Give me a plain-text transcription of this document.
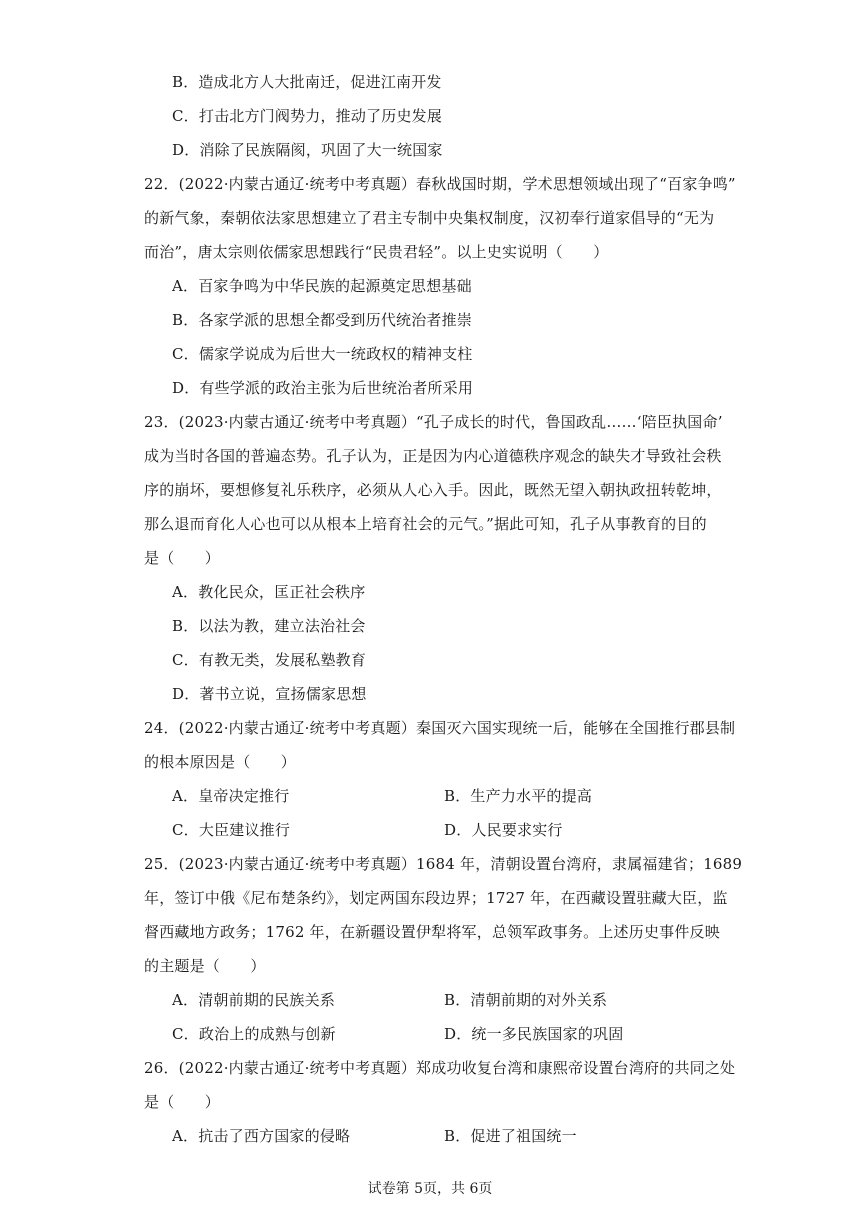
B．造成北方人大批南迁，促进江南开发
C．打击北方门阀势力，推动了历史发展
D．消除了民族隔阂，巩固了大一统国家
22．(2022·内蒙古通辽·统考中考真题）春秋战国时期，学术思想领域出现了“百家争鸣”
的新气象，秦朝依法家思想建立了君主专制中央集权制度，汉初奉行道家倡导的“无为
而治”，唐太宗则依儒家思想践行“民贵君轻”。以上史实说明（　　）
A．百家争鸣为中华民族的起源奠定思想基础
B．各家学派的思想全都受到历代统治者推崇
C．儒家学说成为后世大一统政权的精神支柱
D．有些学派的政治主张为后世统治者所采用
23．(2023·内蒙古通辽·统考中考真题）“孔子成长的时代，鲁国政乱……‘陪臣执国命’
成为当时各国的普遍态势。孔子认为，正是因为内心道德秩序观念的缺失才导致社会秩
序的崩坏，要想修复礼乐秩序，必须从人心入手。因此，既然无望入朝执政扭转乾坤，
那么退而育化人心也可以从根本上培育社会的元气。”据此可知，孔子从事教育的目的
是（　　）
A．教化民众，匡正社会秩序
B．以法为教，建立法治社会
C．有教无类，发展私塾教育
D．著书立说，宣扬儒家思想
24．(2022·内蒙古通辽·统考中考真题）秦国灭六国实现统一后，能够在全国推行郡县制
的根本原因是（　　）
A．皇帝决定推行	B．生产力水平的提高
C．大臣建议推行	D．人民要求实行
25．(2023·内蒙古通辽·统考中考真题）1684 年，清朝设置台湾府，隶属福建省；1689
年，签订中俄《尼布楚条约》，划定两国东段边界；1727 年，在西藏设置驻藏大臣，监
督西藏地方政务；1762 年，在新疆设置伊犁将军，总领军政事务。上述历史事件反映
的主题是（　　）
A．清朝前期的民族关系	B．清朝前期的对外关系
C．政治上的成熟与创新	D．统一多民族国家的巩固
26．(2022·内蒙古通辽·统考中考真题）郑成功收复台湾和康熙帝设置台湾府的共同之处
是（　　）
A．抗击了西方国家的侵略	B．促进了祖国统一
试卷第 5页，共 6页
